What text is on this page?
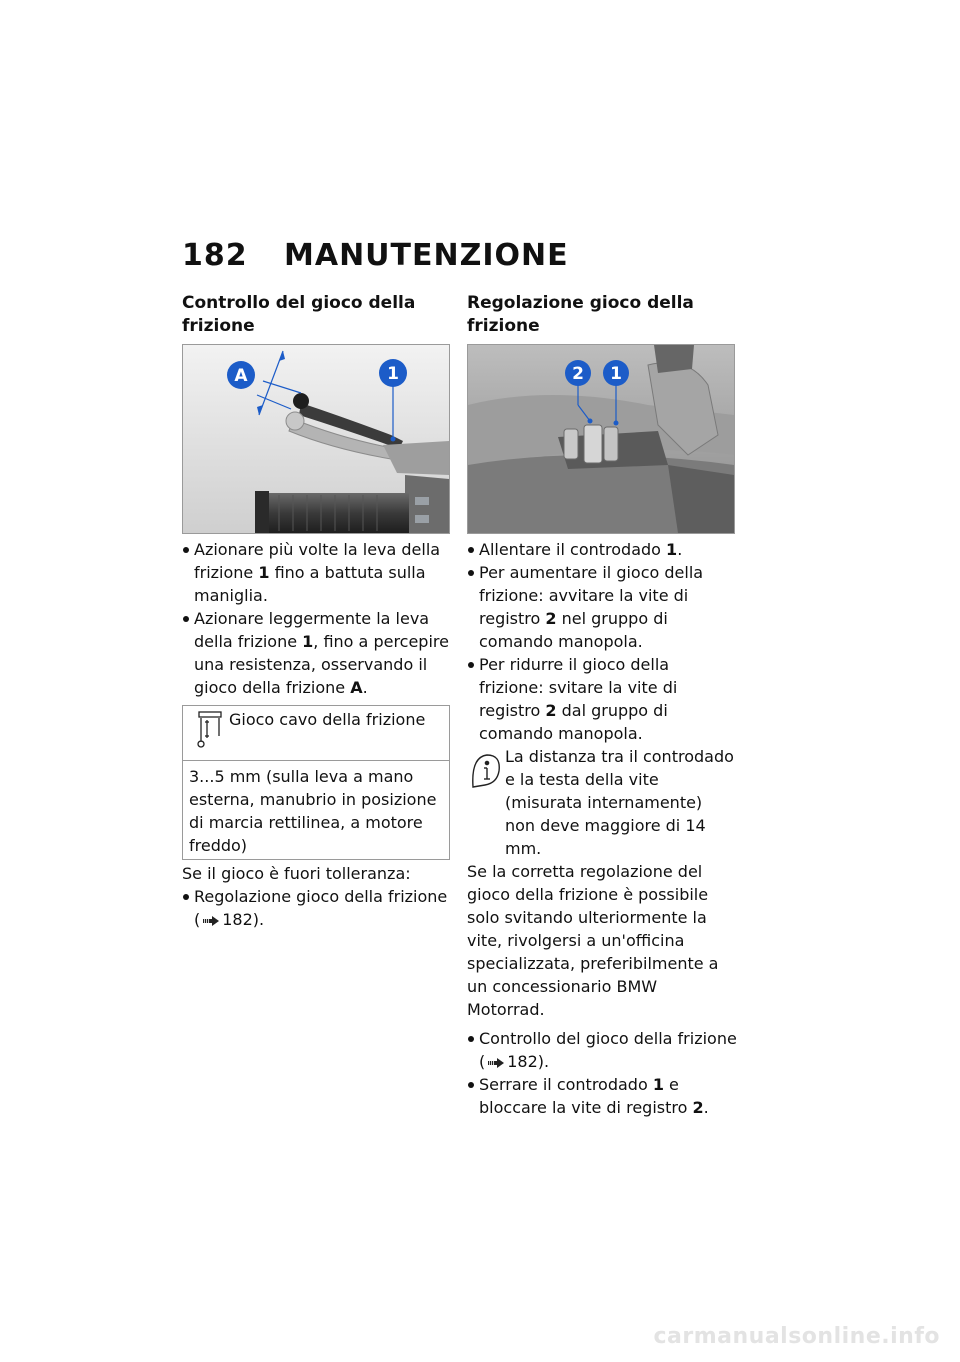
182	MANUTENZIONE
Controllo del gioco della frizione
A	1
Azionare più volte la leva della frizione 1 fino a battuta sulla maniglia.
Azionare leggermente la leva della frizione 1, fino a percepire una resistenza, osservando il gioco della frizione A.
Gioco cavo della frizione
3...5 mm (sulla leva a mano esterna, manubrio in posizione di marcia rettilinea, a motore freddo)

Se il gioco è fuori tolleranza:

Regolazione gioco della frizione ( 182).
Regolazione gioco della frizione
2 1
Allentare il controdado 1.
Per aumentare il gioco della frizione: avvitare la vite di registro 2 nel gruppo di comando manopola.
Per ridurre il gioco della frizione: svitare la vite di registro 2 dal gruppo di comando manopola.

La distanza tra il controdado e la testa della vite (misurata internamente) non deve maggiore di 14 mm.

Se la corretta regolazione del gioco della frizione è possibile solo svitando ulteriormente la vite, rivolgersi a un'officina specializzata, preferibilmente a un concessionario BMW Motorrad.

Controllo del gioco della frizione ( 182).
Serrare il controdado 1 e bloccare la vite di registro 2.
carmanualsonline.info
